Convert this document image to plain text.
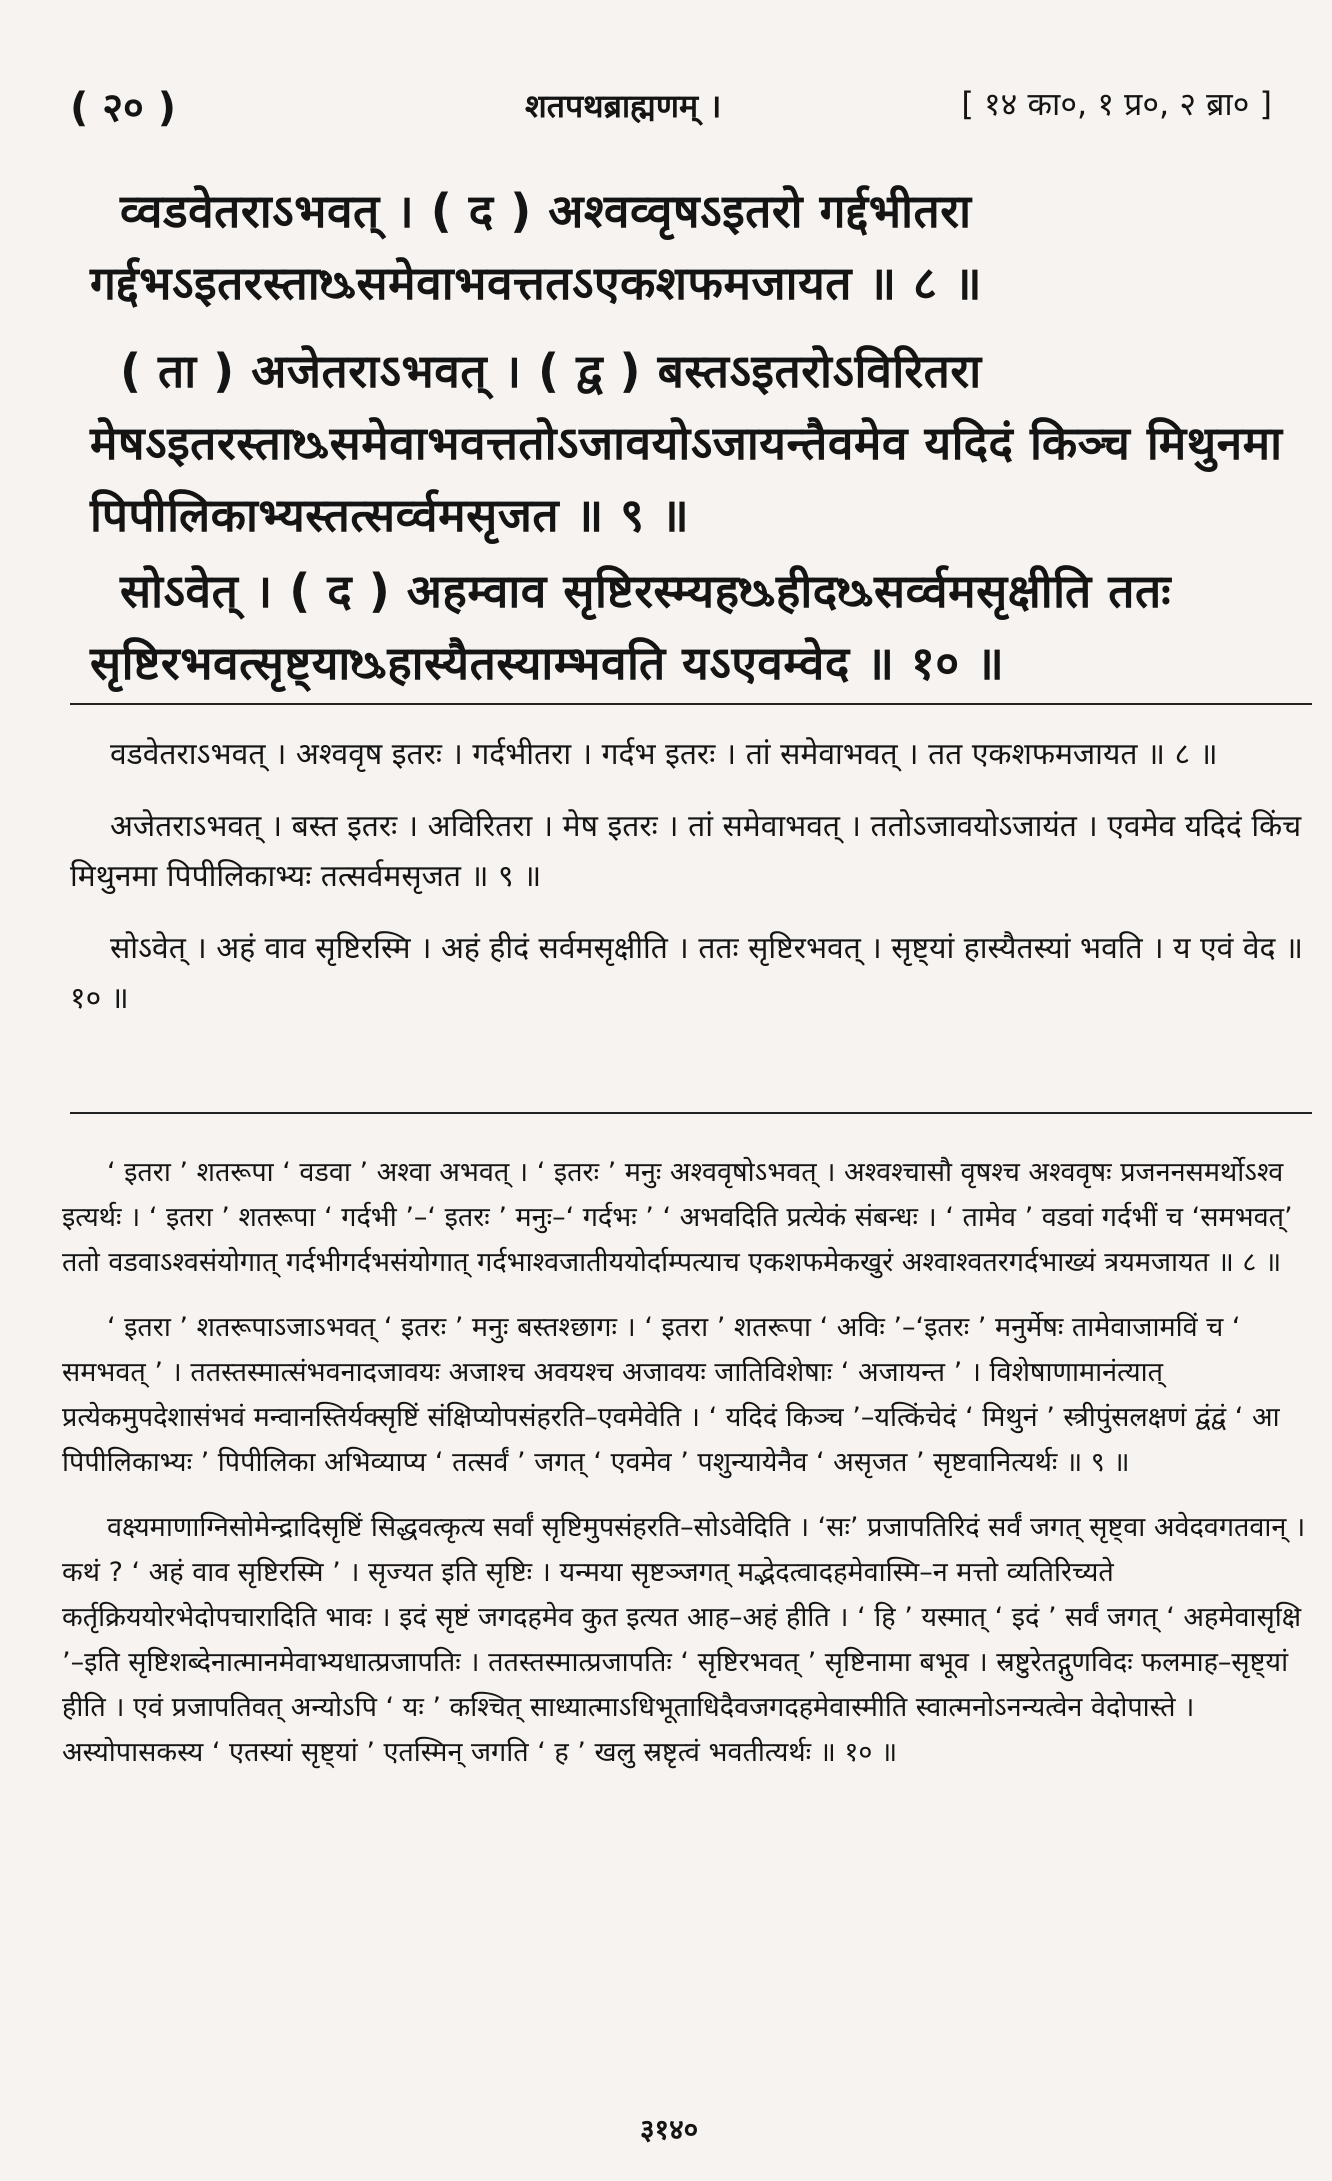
( २० )	शतपथब्राह्मणम् ।	[ १४ का०, १ प्र०, २ ब्रा० ]

व्वडवेतराऽभवत् । ( द ) अश्वव्वृषऽइतरो गर्द्दभीतरा गर्द्दभऽइतरस्ताᳬसमेवाभवत्ततऽएकशफमजायत ॥ ८ ॥

( ता ) अजेतराऽभवत् । ( द्व ) बस्तऽइतरोऽविरितरा मेषऽइतरस्ताᳬसमेवाभवत्ततोऽजावयोऽजायन्तैवमेव यदिदं किञ्च मिथुनमा पिपीलिकाभ्यस्तत्सर्व्वमसृजत ॥ ९ ॥

सोऽवेत् । ( द ) अहम्वाव सृष्टिरस्म्यहᳬहीदᳬसर्व्वमसृक्षीति ततः सृष्टिरभवत्सृष्ट्याᳬहास्यैतस्याम्भवति यऽएवम्वेद ॥ १० ॥

वडवेतराऽभवत् । अश्ववृष इतरः । गर्दभीतरा । गर्दभ इतरः । तां समेवाभवत् । तत एकशफमजायत ॥ ८ ॥

अजेतराऽभवत् । बस्त इतरः । अविरितरा । मेष इतरः । तां समेवाभवत् । ततोऽजावयोऽजायंत । एवमेव यदिदं किंच मिथुनमा पिपीलिकाभ्यः तत्सर्वमसृजत ॥ ९ ॥

सोऽवेत् । अहं वाव सृष्टिरस्मि । अहं हीदं सर्वमसृक्षीति । ततः सृष्टिरभवत् । सृष्ट्यां हास्यैतस्यां भवति । य एवं वेद ॥ १० ॥

‘ इतरा ’ शतरूपा ‘ वडवा ’ अश्वा अभवत् । ‘ इतरः ’ मनुः अश्ववृषोऽभवत् । अश्वश्चासौ वृषश्च अश्ववृषः प्रजननसमर्थोऽश्व इत्यर्थः । ‘ इतरा ’ शतरूपा ‘ गर्दभी ’–‘ इतरः ’ मनुः–‘ गर्दभः ’ ‘ अभवदिति प्रत्येकं संबन्धः । ‘ तामेव ’ वडवां गर्दभीं च ‘समभवत्’ ततो वडवाऽश्वसंयोगात् गर्दभीगर्दभसंयोगात् गर्दभाश्वजातीययोर्दाम्पत्याच एकशफमेकखुरं अश्वाश्वतरगर्दभाख्यं त्रयमजायत ॥ ८ ॥

‘ इतरा ’ शतरूपाऽजाऽभवत् ‘ इतरः ’ मनुः बस्तश्छागः । ‘ इतरा ’ शतरूपा ‘ अविः ’–‘इतरः ’ मनुर्मेषः तामेवाजामविं च ‘ समभवत् ’ । ततस्तस्मात्संभवनादजावयः अजाश्च अवयश्च अजावयः जातिविशेषाः ‘ अजायन्त ’ । विशेषाणामानंत्यात् प्रत्येकमुपदेशासंभवं मन्वानस्तिर्यक्सृष्टिं संक्षिप्योपसंहरति–एवमेवेति । ‘ यदिदं किञ्च ’–यत्किंचेदं ‘ मिथुनं ’ स्त्रीपुंसलक्षणं द्वंद्वं ‘ आ पिपीलिकाभ्यः ’ पिपीलिका अभिव्याप्य ‘ तत्सर्वं ’ जगत् ‘ एवमेव ’ पशुन्यायेनैव ‘ असृजत ’ सृष्टवानित्यर्थः ॥ ९ ॥

वक्ष्यमाणाग्निसोमेन्द्रादिसृष्टिं सिद्धवत्कृत्य सर्वां सृष्टिमुपसंहरति–सोऽवेदिति । ‘सः’ प्रजापतिरिदं सर्वं जगत् सृष्ट्वा अवेदवगतवान् । कथं ? ‘ अहं वाव सृष्टिरस्मि ’ । सृज्यत इति सृष्टिः । यन्मया सृष्टञ्जगत् मद्भेदत्वादहमेवास्मि–न मत्तो व्यतिरिच्यते कर्तृक्रिययोरभेदोपचारादिति भावः । इदं सृष्टं जगदहमेव कुत इत्यत आह–अहं हीति । ‘ हि ’ यस्मात् ‘ इदं ’ सर्वं जगत् ‘ अहमेवासृक्षि ’–इति सृष्टिशब्देनात्मानमेवाभ्यधात्प्रजापतिः । ततस्तस्मात्प्रजापतिः ‘ सृष्टिरभवत् ’ सृष्टिनामा बभूव । स्रष्टुरेतद्गुणविदः फलमाह–सृष्ट्यां हीति । एवं प्रजापतिवत् अन्योऽपि ‘ यः ’ कश्चित् साध्यात्माऽधिभूताधिदैवजगदहमेवास्मीति स्वात्मनोऽनन्यत्वेन वेदोपास्ते । अस्योपासकस्य ‘ एतस्यां सृष्ट्यां ’ एतस्मिन् जगति ‘ ह ’ खलु स्रष्टृत्वं भवतीत्यर्थः ॥ १० ॥

३१४०
